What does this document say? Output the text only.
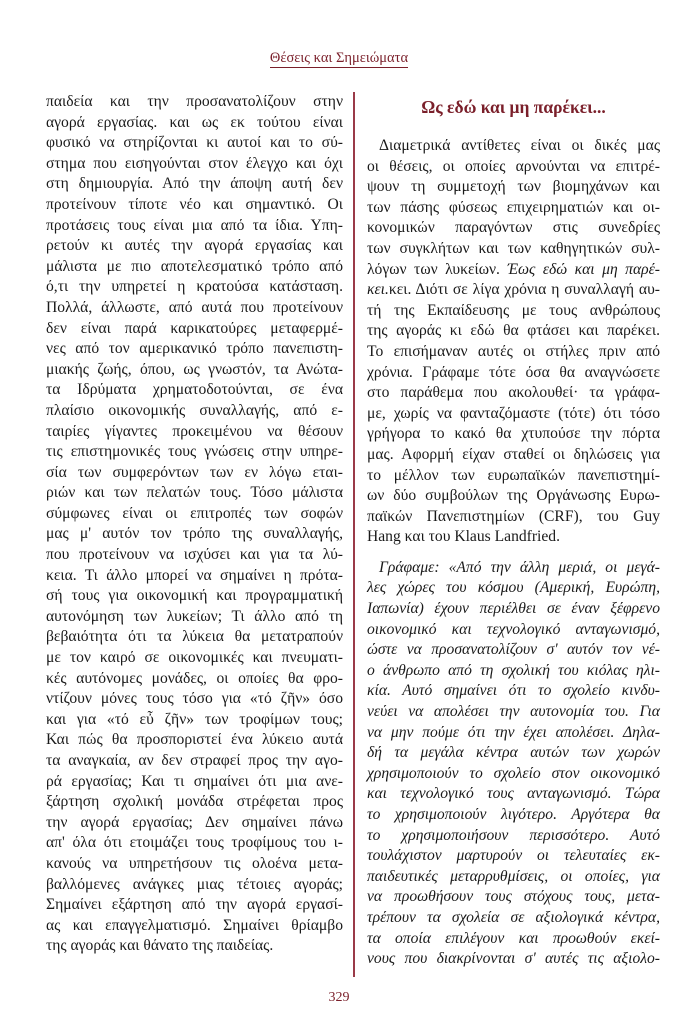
Θέσεις και Σημειώματα
παιδεία και την προσανατολίζουν στην
αγορά εργασίας. και ως εκ τούτου είναι
φυσικό να στηρίζονται κι αυτοί και το σύ-
στημα που εισηγούνται στον έλεγχο και όχι
στη δημιουργία. Από την άποψη αυτή δεν
προτείνουν τίποτε νέο και σημαντικό. Οι
προτάσεις τους είναι μια από τα ίδια. Υπη-
ρετούν κι αυτές την αγορά εργασίας και
μάλιστα με πιο αποτελεσματικό τρόπο από
ό,τι την υπηρετεί η κρατούσα κατάσταση.
Πολλά, άλλωστε, από αυτά που προτείνουν
δεν είναι παρά καρικατούρες μεταφερμέ-
νες από τον αμερικανικό τρόπο πανεπιστη-
μιακής ζωής, όπου, ως γνωστόν, τα Ανώτα-
τα Ιδρύματα χρηματοδοτούνται, σε ένα
πλαίσιο οικονομικής συναλλαγής, από ε-
ταιρίες γίγαντες προκειμένου να θέσουν
τις επιστημονικές τους γνώσεις στην υπηρε-
σία των συμφερόντων των εν λόγω εται-
ριών και των πελατών τους. Τόσο μάλιστα
σύμφωνες είναι οι επιτροπές των σοφών
μας μ' αυτόν τον τρόπο της συναλλαγής,
που προτείνουν να ισχύσει και για τα λύ-
κεια. Τι άλλο μπορεί να σημαίνει η πρότα-
σή τους για οικονομική και προγραμματική
αυτονόμηση των λυκείων; Τι άλλο από τη
βεβαιότητα ότι τα λύκεια θα μετατραπούν
με τον καιρό σε οικονομικές και πνευματι-
κές αυτόνομες μονάδες, οι οποίες θα φρο-
ντίζουν μόνες τους τόσο για «τό ζῆν» όσο
και για «τό εὖ ζῆν» των τροφίμων τους;
Και πώς θα προσποριστεί ένα λύκειο αυτά
τα αναγκαία, αν δεν στραφεί προς την αγο-
ρά εργασίας; Και τι σημαίνει ότι μια ανε-
ξάρτηση σχολική μονάδα στρέφεται προς
την αγορά εργασίας; Δεν σημαίνει πάνω
απ' όλα ότι ετοιμάζει τους τροφίμους του ι-
κανούς να υπηρετήσουν τις ολοένα μετα-
βαλλόμενες ανάγκες μιας τέτοιες αγοράς;
Σημαίνει εξάρτηση από την αγορά εργασί-
ας και επαγγελματισμό. Σημαίνει θρίαμβο
της αγοράς και θάνατο της παιδείας.
Ως εδώ και μη παρέκει...
Διαμετρικά αντίθετες είναι οι δικές μας
οι θέσεις, οι οποίες αρνούνται να επιτρέ-
ψουν τη συμμετοχή των βιομηχάνων και
των πάσης φύσεως επιχειρηματιών και οι-
κονομικών παραγόντων στις συνεδρίες
των συγκλήτων και των καθηγητικών συλ-
λόγων των λυκείων. Έως εδώ και μη παρέ-
κει.κει. Διότι σε λίγα χρόνια η συναλλαγή αυ-
τή της Εκπαίδευσης με τους ανθρώπους
της αγοράς κι εδώ θα φτάσει και παρέκει.
Το επισήμαναν αυτές οι στήλες πριν από
χρόνια. Γράφαμε τότε όσα θα αναγνώσετε
στο παράθεμα που ακολουθεί· τα γράφα-
με, χωρίς να φανταζόμαστε (τότε) ότι τόσο
γρήγορα το κακό θα χτυπούσε την πόρτα
μας. Αφορμή είχαν σταθεί οι δηλώσεις για
το μέλλον των ευρωπαϊκών πανεπιστημί-
ων δύο συμβούλων της Οργάνωσης Ευρω-
παϊκών Πανεπιστημίων (CRF), του Guy
Hang και του Klaus Landfried.
Γράφαμε: «Από την άλλη μεριά, οι μεγά-
λες χώρες του κόσμου (Αμερική, Ευρώπη,
Ιαπωνία) έχουν περιέλθει σε έναν ξέφρενο
οικονομικό και τεχνολογικό ανταγωνισμό,
ώστε να προσανατολίζουν σ' αυτόν τον νέ-
ο άνθρωπο από τη σχολική του κιόλας ηλι-
κία. Αυτό σημαίνει ότι το σχολείο κινδυ-
νεύει να απολέσει την αυτονομία του. Για
να μην πούμε ότι την έχει απολέσει. Δηλα-
δή τα μεγάλα κέντρα αυτών των χωρών
χρησιμοποιούν το σχολείο στον οικονομικό
και τεχνολογικό τους ανταγωνισμό. Τώρα
το χρησιμοποιούν λιγότερο. Αργότερα θα
το χρησιμοποιήσουν περισσότερο. Αυτό
τουλάχιστον μαρτυρούν οι τελευταίες εκ-
παιδευτικές μεταρρυθμίσεις, οι οποίες, για
να προωθήσουν τους στόχους τους, μετα-
τρέπουν τα σχολεία σε αξιολογικά κέντρα,
τα οποία επιλέγουν και προωθούν εκεί-
νους που διακρίνονται σ' αυτές τις αξιολο-
329
